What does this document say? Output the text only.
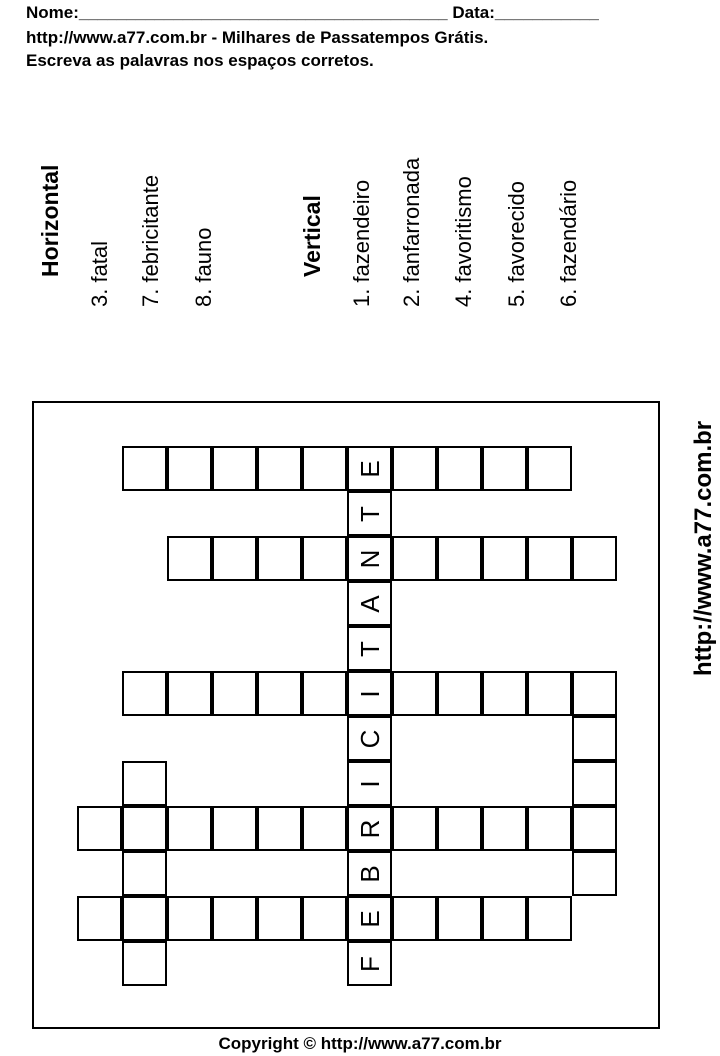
Nome:_______________________________________ Data:___________
http://www.a77.com.br - Milhares de Passatempos Grátis.
Escreva as palavras nos espaços corretos.
Horizontal 3. fatal 7. febricitante 8. fauno	Vertical 1. fazendeiro 2. fanfarronada 4. favoritismo 5. favorecido 6. fazendário
E
N
I
R
B
E
T
A
T
C
I
F
http://www.a77.com.br
Copyright © http://www.a77.com.br
